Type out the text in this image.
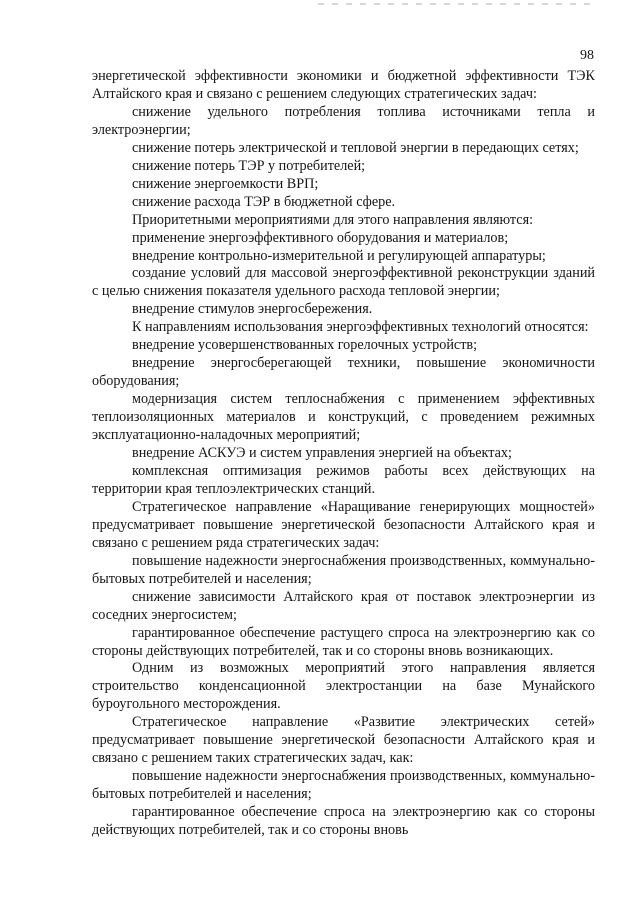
98

энергетической эффективности экономики и бюджетной эффективности ТЭК Алтайского края и связано с решением следующих стратегических задач:

снижение удельного потребления топлива источниками тепла и электроэнергии;

снижение потерь электрической и тепловой энергии в передающих сетях;

снижение потерь ТЭР у потребителей;

снижение энергоемкости ВРП;

снижение расхода ТЭР в бюджетной сфере.

Приоритетными мероприятиями для этого направления являются:

применение энергоэффективного оборудования и материалов;

внедрение контрольно-измерительной и регулирующей аппаратуры;

создание условий для массовой энергоэффективной реконструкции зданий с целью снижения показателя удельного расхода тепловой энергии;

внедрение стимулов энергосбережения.

К направлениям использования энергоэффективных технологий относятся:

внедрение усовершенствованных горелочных устройств;

внедрение энергосберегающей техники, повышение экономичности оборудования;

модернизация систем теплоснабжения с применением эффективных теплоизоляционных материалов и конструкций, с проведением режимных эксплуатационно-наладочных мероприятий;

внедрение АСКУЭ и систем управления энергией на объектах;

комплексная оптимизация режимов работы всех действующих на территории края теплоэлектрических станций.

Стратегическое направление «Наращивание генерирующих мощностей» предусматривает повышение энергетической безопасности Алтайского края и связано с решением ряда стратегических задач:

повышение надежности энергоснабжения производственных, коммунально-бытовых потребителей и населения;

снижение зависимости Алтайского края от поставок электроэнергии из соседних энергосистем;

гарантированное обеспечение растущего спроса на электроэнергию как со стороны действующих потребителей, так и со стороны вновь возникающих.

Одним из возможных мероприятий этого направления является строительство конденсационной электростанции на базе Мунайского буроугольного месторождения.

Стратегическое направление «Развитие электрических сетей» предусматривает повышение энергетической безопасности Алтайского края и связано с решением таких стратегических задач, как:

повышение надежности энергоснабжения производственных, коммунально-бытовых потребителей и населения;

гарантированное обеспечение спроса на электроэнергию как со стороны действующих потребителей, так и со стороны вновь
